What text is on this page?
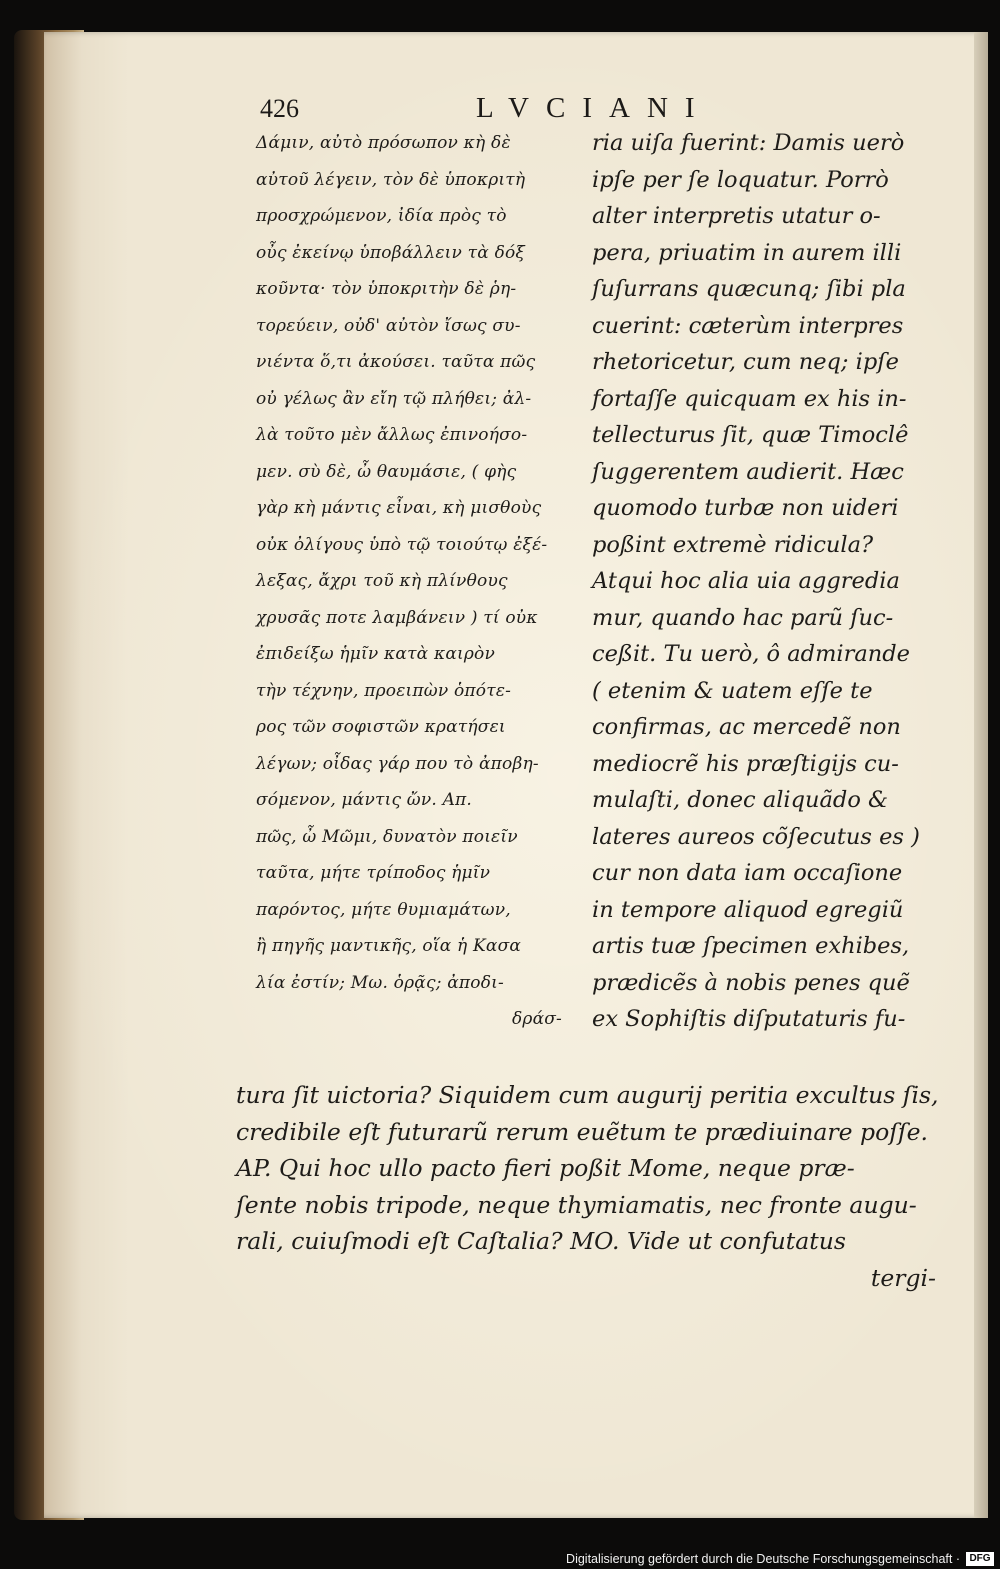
426	LVCIANI
Δάμιν, αὐτὸ πρόσωπον κὴ δὲ
αὐτοῦ λέγειν, τὸν δὲ ὑποκριτὴ
προσχρώμενον, ἰδία πρὸς τὸ
οὖς ἐκείνῳ ὑποβάλλειν τὰ δόξ
κοῦντα· τὸν ὑποκριτὴν δὲ ῥη-
τορεύειν, οὐδ' αὐτὸν ἴσως συ-
νιέντα ὅ,τι ἀκούσει. ταῦτα πῶς
οὐ γέλως ἂν εἴη τῷ πλήθει; ἀλ-
λὰ τοῦτο μὲν ἄλλως ἐπινοήσο-
μεν. σὺ δὲ, ὦ θαυμάσιε, ( φὴς
γὰρ κὴ μάντις εἶναι, κὴ μισθοὺς
οὐκ ὀλίγους ὑπὸ τῷ τοιούτῳ ἐξέ-
λεξας, ἄχρι τοῦ κὴ πλίνθους
χρυσᾶς ποτε λαμβάνειν ) τί οὐκ
ἐπιδείξω ἡμῖν κατὰ καιρὸν
τὴν τέχνην, προειπὼν ὁπότε-
ρος τῶν σοφιστῶν κρατήσει
λέγων; οἶδας γάρ που τὸ ἀποβη-
σόμενον, μάντις ὤν. Απ.
πῶς, ὦ Μῶμι, δυνατὸν ποιεῖν
ταῦτα, μήτε τρίποδος ἡμῖν
παρόντος, μήτε θυμιαμάτων,
ἢ πηγῆς μαντικῆς, οἵα ἡ Κασα
λία ἐστίν; Μω. ὁρᾷς; ἀποδι-
δράσ-
ria uiſa fuerint: Damis uerò
ipſe per ſe loquatur. Porrò
alter interpretis utatur o-
pera, priuatim in aurem illi
ſuſurrans quæcunq; ſibi pla
cuerint: cæterùm interpres
rhetoricetur, cum neq; ipſe
fortaſſe quicquam ex his in-
tellecturus ſit, quæ Timoclê
ſuggerentem audierit. Hæc
quomodo turbæ non uideri
poßint extremè ridicula?
Atqui hoc alia uia aggredia
mur, quando hac parũ ſuc-
ceßit. Tu uerò, ô admirande
( etenim & uatem eſſe te
confirmas, ac mercedẽ non
mediocrẽ his præſtigijs cu-
mulaſti, donec aliquãdo &
lateres aureos cõſecutus es )
cur non data iam occaſione
in tempore aliquod egregiũ
artis tuæ ſpecimen exhibes,
prædicẽs à nobis penes quẽ
ex Sophiſtis diſputaturis fu-
tura ſit uictoria? Siquidem cum augurij peritia excultus ſis,
credibile eſt futurarũ rerum euẽtum te prædiuinare poſſe.
AP. Qui hoc ullo pacto fieri poßit Mome, neque præ-
ſente nobis tripode, neque thymiamatis, nec fronte augu-
rali, cuiuſmodi eſt Caſtalia? MO. Vide ut confutatus
tergi-
Digitalisierung gefördert durch die Deutsche Forschungsgemeinschaft · DFG
